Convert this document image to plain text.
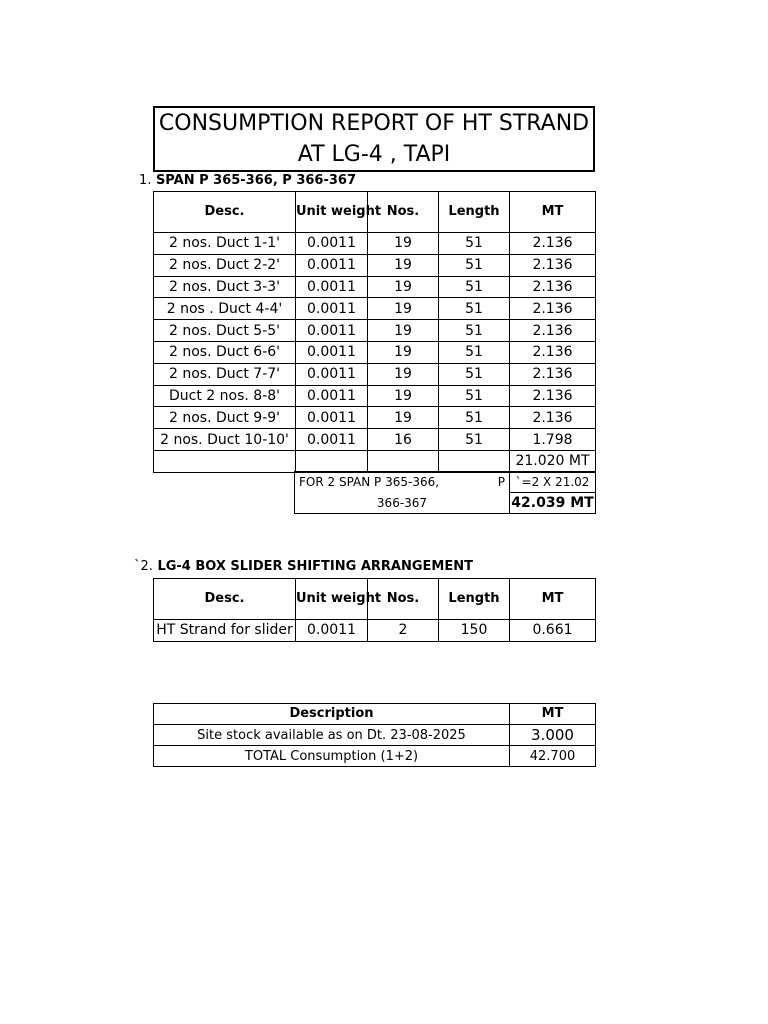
CONSUMPTION REPORT OF HT STRAND AT LG-4 , TAPI
1. SPAN P 365-366, P 366-367
Desc.	Unit weight	Nos.	Length	MT
2 nos. Duct 1-1'	0.0011	19	51	2.136
2 nos. Duct 2-2'	0.0011	19	51	2.136
2 nos. Duct 3-3'	0.0011	19	51	2.136
2 nos . Duct 4-4'	0.0011	19	51	2.136
2 nos. Duct 5-5'	0.0011	19	51	2.136
2 nos. Duct 6-6'	0.0011	19	51	2.136
2 nos. Duct 7-7'	0.0011	19	51	2.136
Duct 2 nos. 8-8'	0.0011	19	51	2.136
2 nos. Duct 9-9'	0.0011	19	51	2.136
2 nos. Duct 10-10'	0.0011	16	51	1.798
				21.020 MT
FOR 2 SPAN P 365-366, P	`=2 X 21.02
366-367	42.039 MT
`2. LG-4 BOX SLIDER SHIFTING ARRANGEMENT
Desc.	Unit weight	Nos.	Length	MT
HT Strand for slider	0.0011	2	150	0.661
Description	MT
Site stock available as on Dt. 23-08-2025	3.000
TOTAL Consumption (1+2)	42.700
